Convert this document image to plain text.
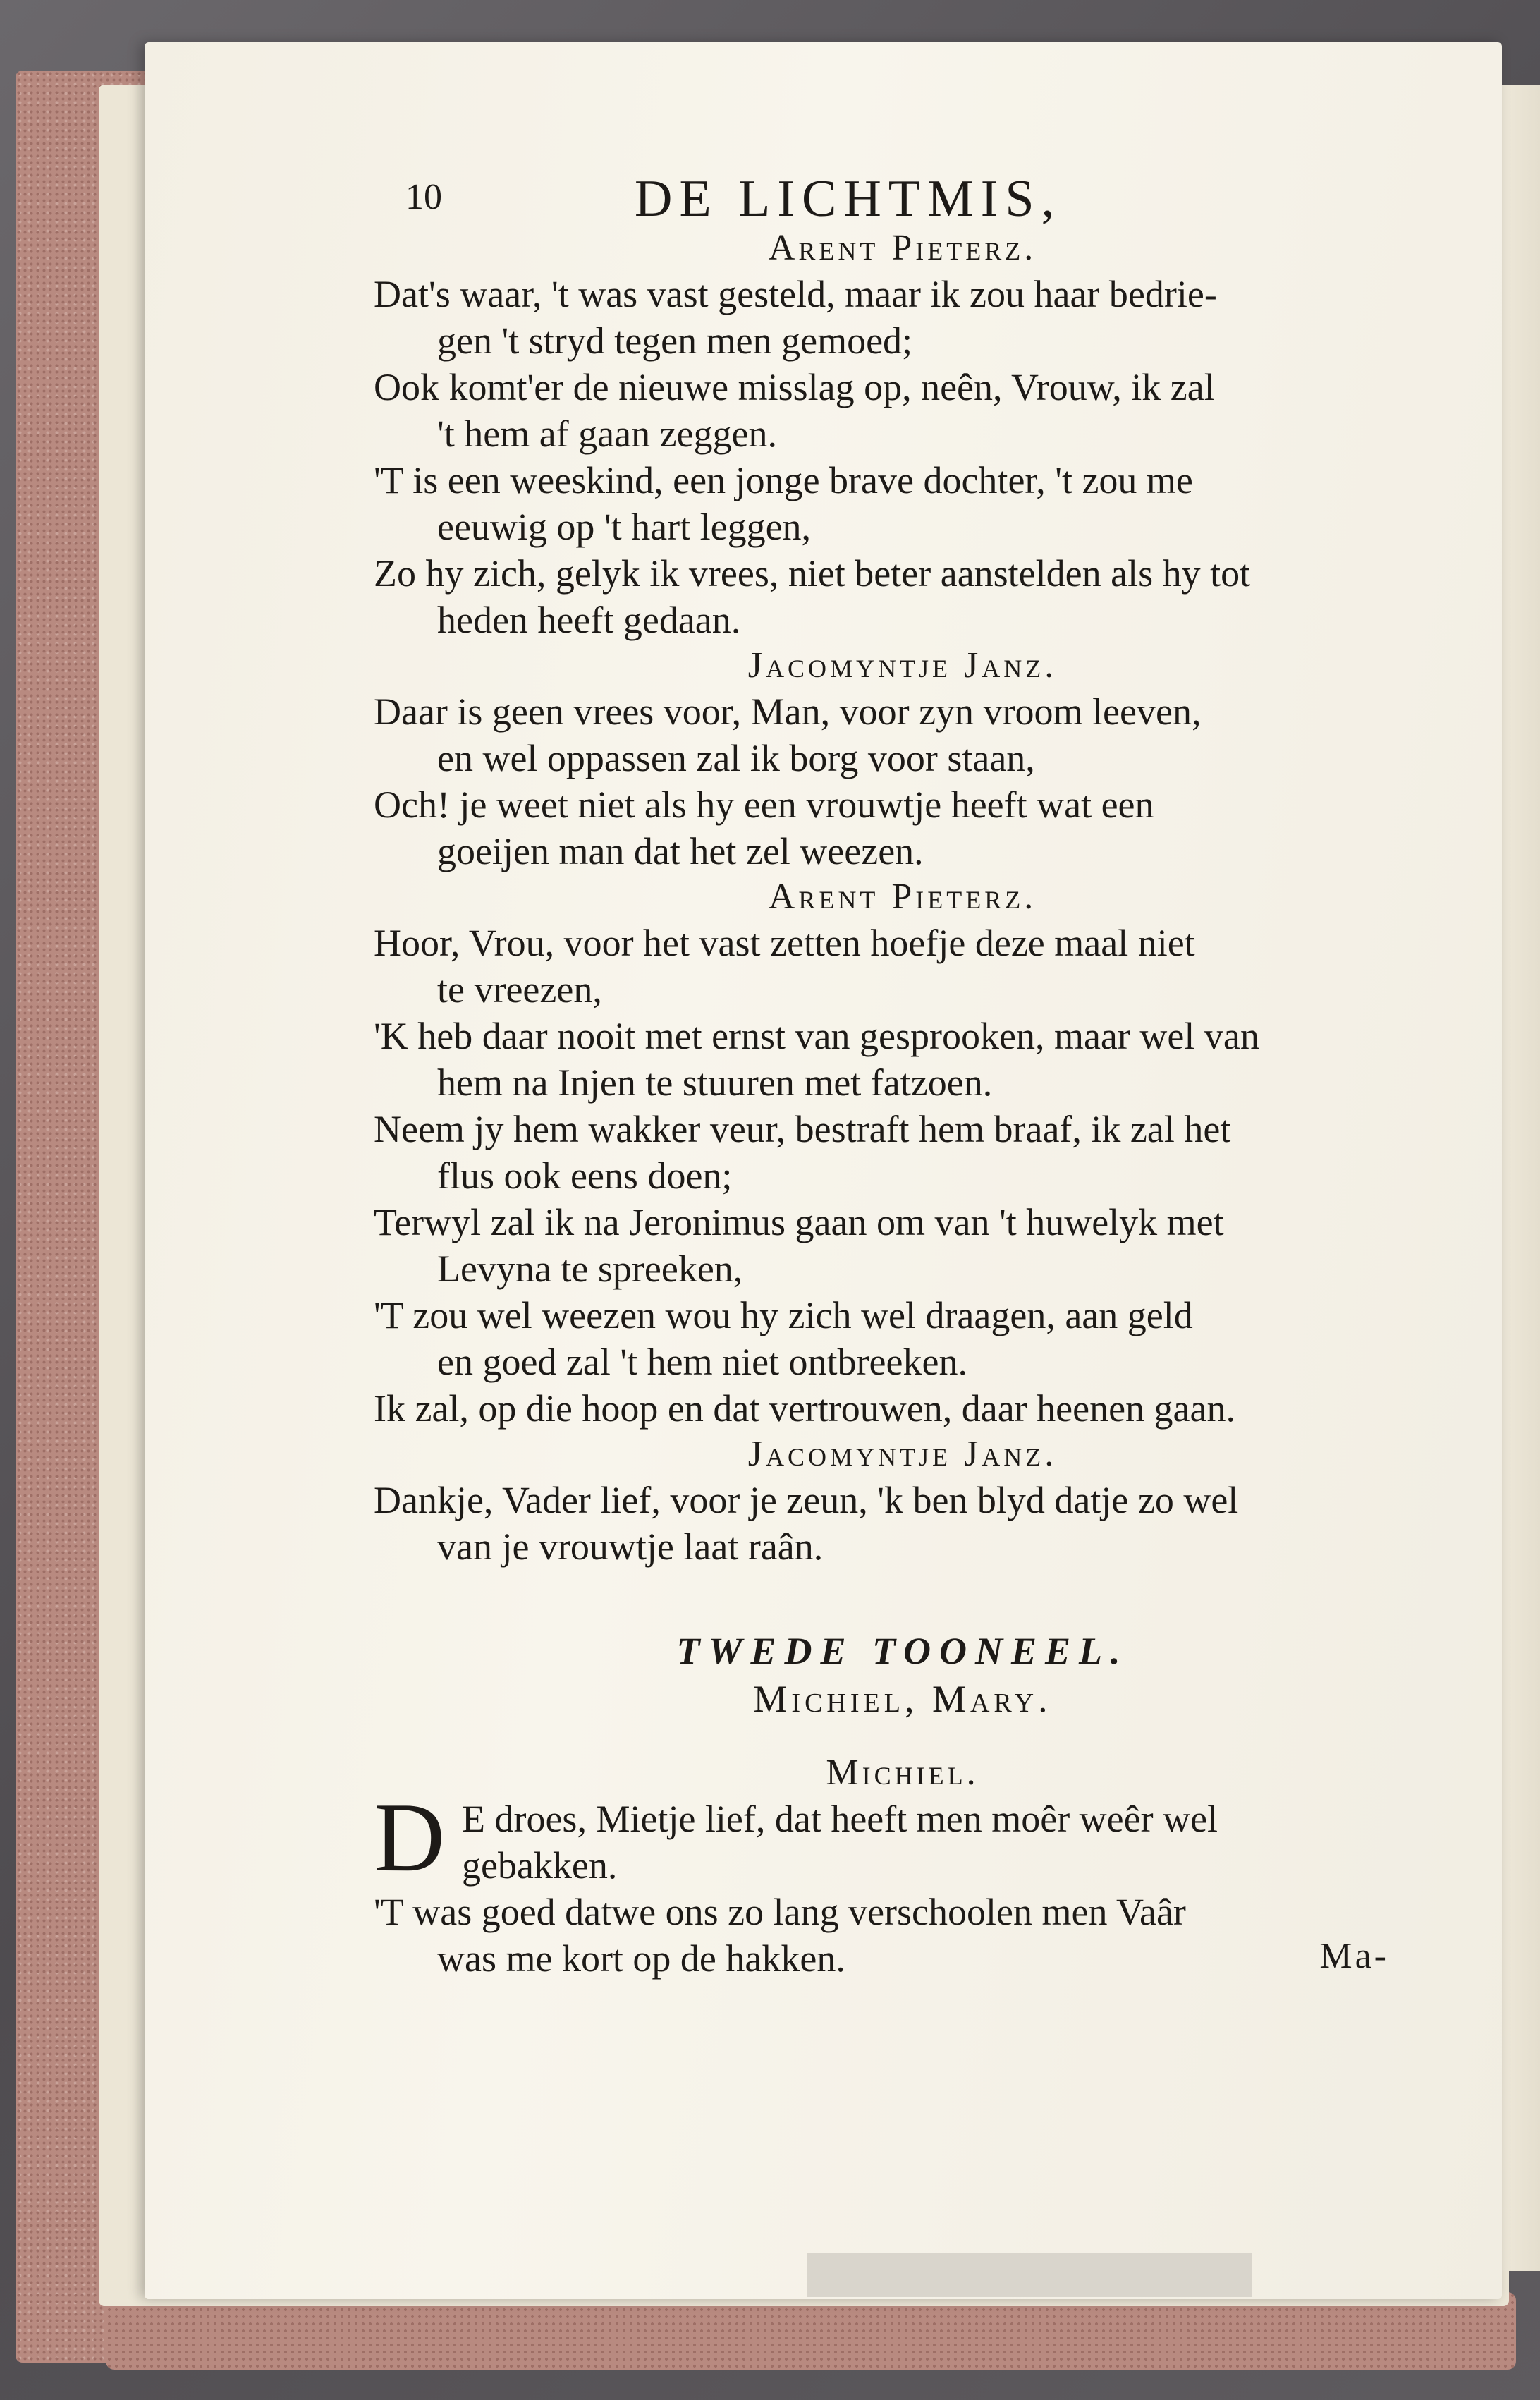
10	DE LICHTMIS,
Arent Pieterz.
Dat's waar, 't was vast gesteld, maar ik zou haar bedrie-
gen 't stryd tegen men gemoed;
Ook komt'er de nieuwe misslag op, neên, Vrouw, ik zal
't hem af gaan zeggen.
'T is een weeskind, een jonge brave dochter, 't zou me
eeuwig op 't hart leggen,
Zo hy zich, gelyk ik vrees, niet beter aanstelden als hy tot
heden heeft gedaan.
Jacomyntje Janz.
Daar is geen vrees voor, Man, voor zyn vroom leeven,
en wel oppassen zal ik borg voor staan,
Och! je weet niet als hy een vrouwtje heeft wat een
goeijen man dat het zel weezen.
Arent Pieterz.
Hoor, Vrou, voor het vast zetten hoefje deze maal niet
te vreezen,
'K heb daar nooit met ernst van gesprooken, maar wel van
hem na Injen te stuuren met fatzoen.
Neem jy hem wakker veur, bestraft hem braaf, ik zal het
flus ook eens doen;
Terwyl zal ik na Jeronimus gaan om van 't huwelyk met
Levyna te spreeken,
'T zou wel weezen wou hy zich wel draagen, aan geld
en goed zal 't hem niet ontbreeken.
Ik zal, op die hoop en dat vertrouwen, daar heenen gaan.
Jacomyntje Janz.
Dankje, Vader lief, voor je zeun, 'k ben blyd datje zo wel
van je vrouwtje laat raân.
TWEDE TOONEEL.
Michiel, Mary.
Michiel.
D E droes, Mietje lief, dat heeft men moêr weêr wel
gebakken.
'T was goed datwe ons zo lang verschoolen men Vaâr
was me kort op de hakken.	Ma-
